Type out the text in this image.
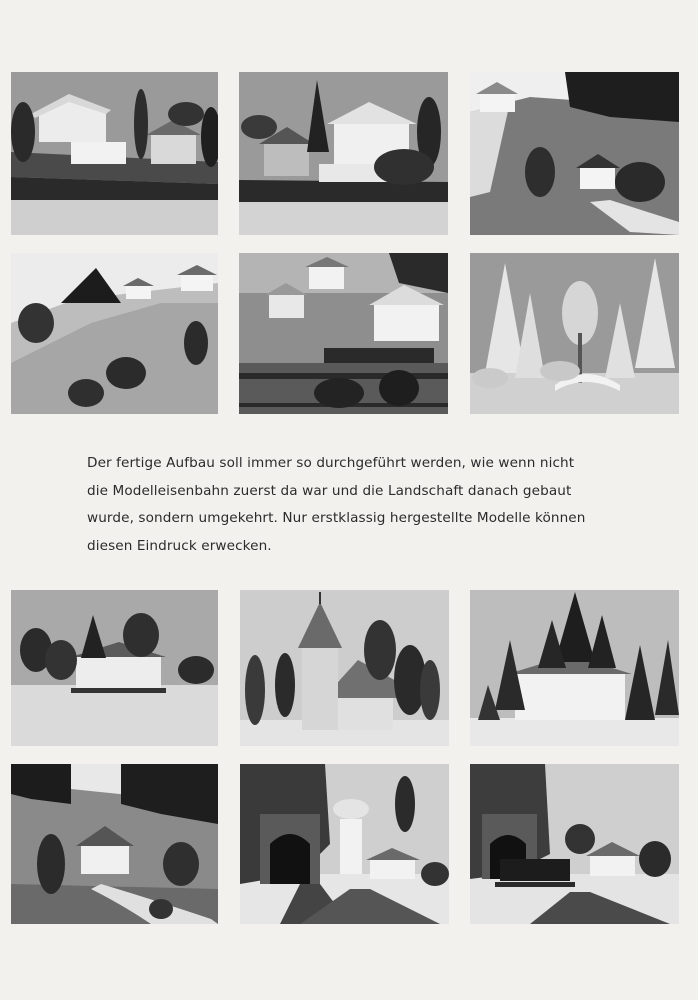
Der fertige Aufbau soll immer so durchgeführt werden, wie wenn nicht
die Modelleisenbahn zuerst da war und die Landschaft danach gebaut
wurde, sondern umgekehrt. Nur erstklassig hergestellte Modelle können
diesen Eindruck erwecken.
